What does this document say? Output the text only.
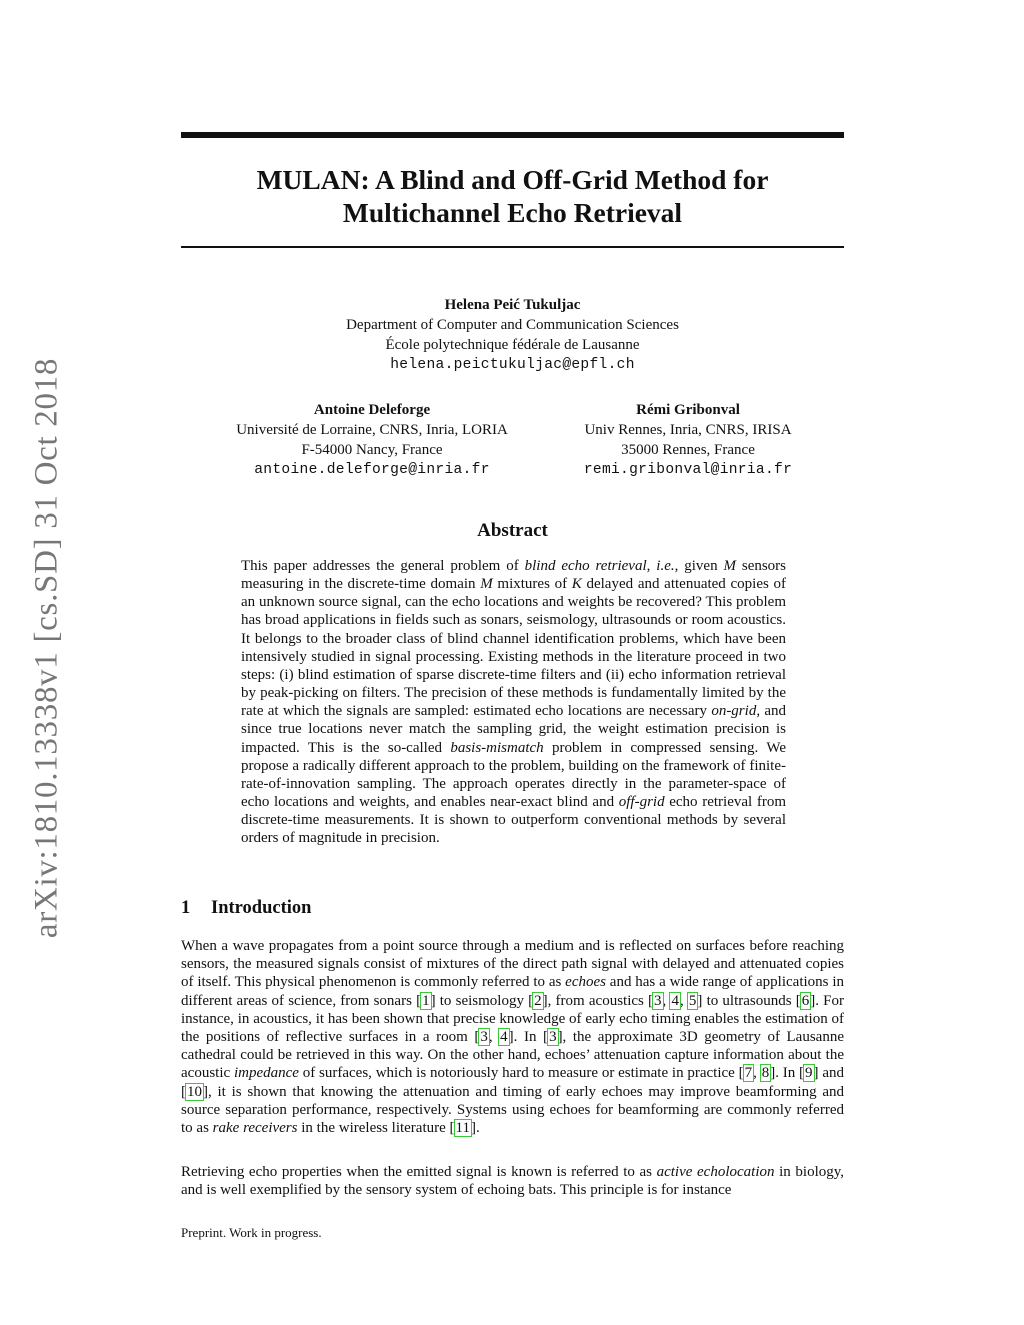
arXiv:1810.13338v1 [cs.SD] 31 Oct 2018
MULAN: A Blind and Off-Grid Method for
Multichannel Echo Retrieval
Helena Peić Tukuljac
Department of Computer and Communication Sciences
École polytechnique fédérale de Lausanne
helena.peictukuljac@epfl.ch
Antoine Deleforge
Université de Lorraine, CNRS, Inria, LORIA
F-54000 Nancy, France
antoine.deleforge@inria.fr
Rémi Gribonval
Univ Rennes, Inria, CNRS, IRISA
35000 Rennes, France
remi.gribonval@inria.fr
Abstract
This paper addresses the general problem of blind echo retrieval, i.e., given M sensors measuring in the discrete-time domain M mixtures of K delayed and attenuated copies of an unknown source signal, can the echo locations and weights be recovered? This problem has broad applications in fields such as sonars, seismology, ultrasounds or room acoustics. It belongs to the broader class of blind channel identification problems, which have been intensively studied in signal processing. Existing methods in the literature proceed in two steps: (i) blind estimation of sparse discrete-time filters and (ii) echo information retrieval by peak-picking on filters. The precision of these methods is fundamentally limited by the rate at which the signals are sampled: estimated echo locations are necessary on-grid, and since true locations never match the sampling grid, the weight estimation precision is impacted. This is the so-called basis-mismatch problem in compressed sensing. We propose a radically different approach to the problem, building on the framework of finite-rate-of-innovation sampling. The approach operates directly in the parameter-space of echo locations and weights, and enables near-exact blind and off-grid echo retrieval from discrete-time measurements. It is shown to outperform conventional methods by several orders of magnitude in precision.
1 Introduction

When a wave propagates from a point source through a medium and is reflected on surfaces before reaching sensors, the measured signals consist of mixtures of the direct path signal with delayed and attenuated copies of itself. This physical phenomenon is commonly referred to as echoes and has a wide range of applications in different areas of science, from sonars [1] to seismology [2], from acoustics [3, 4, 5] to ultrasounds [6]. For instance, in acoustics, it has been shown that precise knowledge of early echo timing enables the estimation of the positions of reflective surfaces in a room [3, 4]. In [3], the approximate 3D geometry of Lausanne cathedral could be retrieved in this way. On the other hand, echoes’ attenuation capture information about the acoustic impedance of surfaces, which is notoriously hard to measure or estimate in practice [7, 8]. In [9] and [10], it is shown that knowing the attenuation and timing of early echoes may improve beamforming and source separation performance, respectively. Systems using echoes for beamforming are commonly referred to as rake receivers in the wireless literature [11].

Retrieving echo properties when the emitted signal is known is referred to as active echolocation in biology, and is well exemplified by the sensory system of echoing bats. This principle is for instance

Preprint. Work in progress.
